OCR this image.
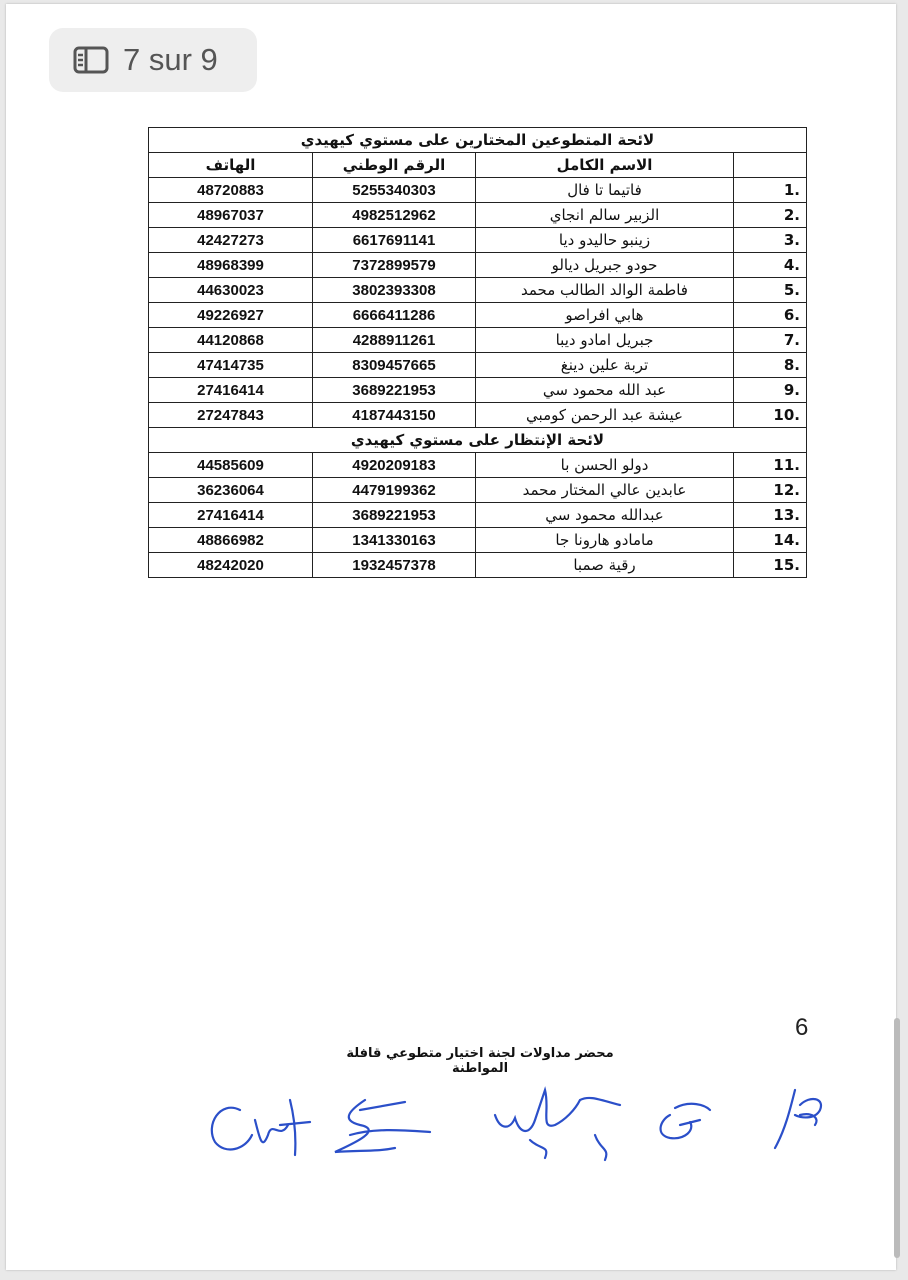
7 sur 9
لائحة المتطوعين المختارين على مستوي كيهيدي			
	الاسم الكامل	الرقم الوطني	الهاتف
1.	فاتيما تا فال	5255340303	48720883
2.	الزبير سالم انجاي	4982512962	48967037
3.	زينبو حاليدو ديا	6617691141	42427273
4.	حودو جبريل ديالو	7372899579	48968399
5.	فاطمة الوالد الطالب محمد	3802393308	44630023
6.	هابي افراصو	6666411286	49226927
7.	جبريل امادو ديبا	4288911261	44120868
8.	تربة علين دينغ	8309457665	47414735
9.	عبد الله محمود سي	3689221953	27416414
10.	عيشة عبد الرحمن كومبي	4187443150	27247843
لائحة الإنتظار على مستوي كيهيدي			
11.	دولو الحسن با	4920209183	44585609
12.	عابدين عالي المختار محمد	4479199362	36236064
13.	عبدالله محمود سي	3689221953	27416414
14.	مامادو هارونا جا	1341330163	48866982
15.	رقية صمبا	1932457378	48242020
6
محضر مداولات لجنة اختيار متطوعي قافلة المواطنة
